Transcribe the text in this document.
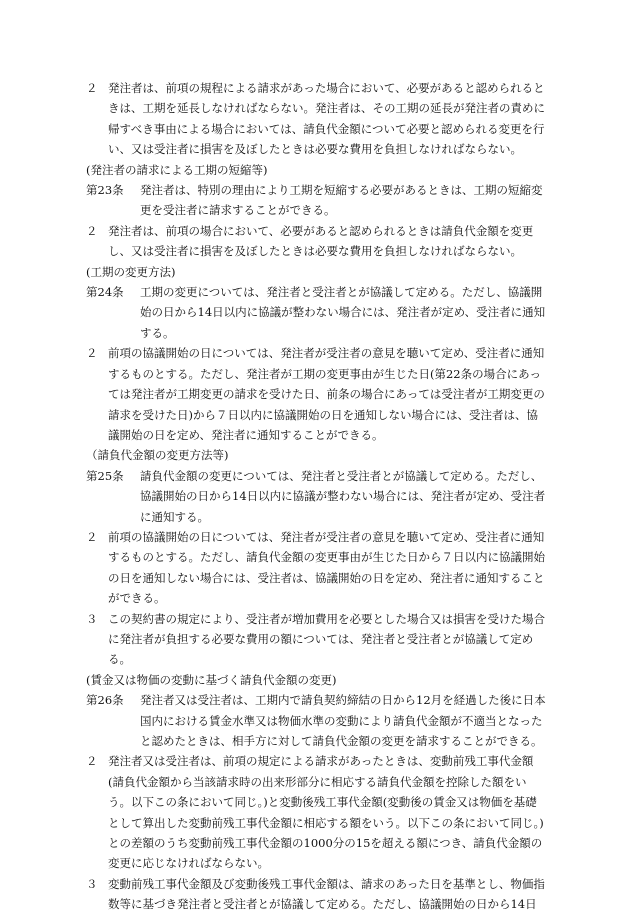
２ 発注者は、前項の規程による請求があった場合において、必要があると認められるときは、工期を延長しなければならない。発注者は、その工期の延長が発注者の責めに帰すべき事由による場合においては、請負代金額について必要と認められる変更を行い、又は受注者に損害を及ぼしたときは必要な費用を負担しなければならない。
(発注者の請求による工期の短縮等)
第23条	発注者は、特別の理由により工期を短縮する必要があるときは、工期の短縮変更を受注者に請求することができる。
２ 発注者は、前項の場合において、必要があると認められるときは請負代金額を変更し、又は受注者に損害を及ぼしたときは必要な費用を負担しなければならない。
(工期の変更方法)
第24条	工期の変更については、発注者と受注者とが協議して定める。ただし、協議開始の日から14日以内に協議が整わない場合には、発注者が定め、受注者に通知する。
２ 前項の協議開始の日については、発注者が受注者の意見を聴いて定め、受注者に通知するものとする。ただし、発注者が工期の変更事由が生じた日(第22条の場合にあっては発注者が工期変更の請求を受けた日、前条の場合にあっては受注者が工期変更の請求を受けた日)から７日以内に協議開始の日を通知しない場合には、受注者は、協議開始の日を定め、発注者に通知することができる。
（請負代金額の変更方法等)
第25条	請負代金額の変更については、発注者と受注者とが協議して定める。ただし、協議開始の日から14日以内に協議が整わない場合には、発注者が定め、受注者に通知する。
２ 前項の協議開始の日については、発注者が受注者の意見を聴いて定め、受注者に通知するものとする。ただし、請負代金額の変更事由が生じた日から７日以内に協議開始の日を通知しない場合には、受注者は、協議開始の日を定め、発注者に通知することができる。
３ この契約書の規定により、受注者が増加費用を必要とした場合又は損害を受けた場合に発注者が負担する必要な費用の額については、発注者と受注者とが協議して定める。
(賃金又は物価の変動に基づく請負代金額の変更)
第26条	発注者又は受注者は、工期内で請負契約締結の日から12月を経過した後に日本国内における賃金水準又は物価水準の変動により請負代金額が不適当となったと認めたときは、相手方に対して請負代金額の変更を請求することができる。
２ 発注者又は受注者は、前項の規定による請求があったときは、変動前残工事代金額(請負代金額から当該請求時の出来形部分に相応する請負代金額を控除した額をいう。以下この条において同じ。)と変動後残工事代金額(変動後の賃金又は物価を基礎として算出した変動前残工事代金額に相応する額をいう。以下この条において同じ。)との差額のうち変動前残工事代金額の1000分の15を超える額につき、請負代金額の変更に応じなければならない。
３ 変動前残工事代金額及び変動後残工事代金額は、請求のあった日を基準とし、物価指数等に基づき発注者と受注者とが協議して定める。ただし、協議開始の日から14日
